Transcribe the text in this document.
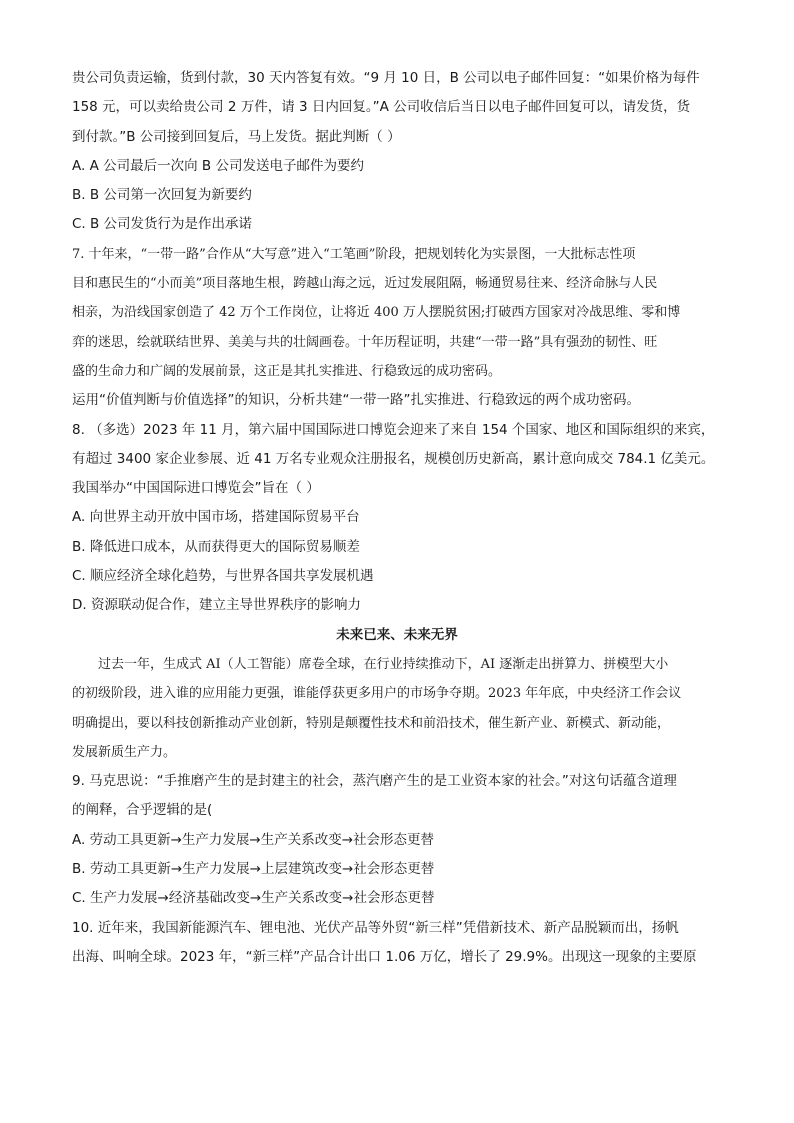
贵公司负责运输，货到付款，30 天内答复有效。“9 月 10 日，B 公司以电子邮件回复：“如果价格为每件

158 元，可以卖给贵公司 2 万件，请 3 日内回复。”A 公司收信后当日以电子邮件回复可以，请发货，货

到付款。”B 公司接到回复后，马上发货。据此判断（ ）

A. A 公司最后一次向 B 公司发送电子邮件为要约

B. B 公司第一次回复为新要约

C. B 公司发货行为是作出承诺

7. 十年来，“一带一路”合作从“大写意”进入“工笔画”阶段，把规划转化为实景图，一大批标志性项

目和惠民生的“小而美”项目落地生根，跨越山海之远，近过发展阻隔，畅通贸易往来、经济命脉与人民

相亲，为沿线国家创造了 42 万个工作岗位，让将近 400 万人摆脱贫困;打破西方国家对冷战思维、零和博

弈的迷思，绘就联结世界、美美与共的壮阔画卷。十年历程证明，共建“一带一路”具有强劲的韧性、旺

盛的生命力和广阔的发展前景，这正是其扎实推进、行稳致远的成功密码。

运用“价值判断与价值选择”的知识，分析共建“一带一路”扎实推进、行稳致远的两个成功密码。

8. （多选）2023 年 11 月，第六届中国国际进口博览会迎来了来自 154 个国家、地区和国际组织的来宾，

有超过 3400 家企业参展、近 41 万名专业观众注册报名，规模创历史新高，累计意向成交 784.1 亿美元。

我国举办“中国国际进口博览会”旨在（ ）

A. 向世界主动开放中国市场，搭建国际贸易平台

B. 降低进口成本，从而获得更大的国际贸易顺差

C. 顺应经济全球化趋势，与世界各国共享发展机遇

D. 资源联动促合作，建立主导世界秩序的影响力

未来已来、未来无界

过去一年，生成式 AI（人工智能）席卷全球，在行业持续推动下，AI 逐渐走出拼算力、拼模型大小

的初级阶段，进入谁的应用能力更强，谁能俘获更多用户的市场争夺期。2023 年年底，中央经济工作会议

明确提出，要以科技创新推动产业创新，特别是颠覆性技术和前沿技术，催生新产业、新模式、新动能，

发展新质生产力。

9. 马克思说：“手推磨产生的是封建主的社会，蒸汽磨产生的是工业资本家的社会。”对这句话蕴含道理

的阐释，合乎逻辑的是(

A. 劳动工具更新→生产力发展→生产关系改变→社会形态更替

B. 劳动工具更新→生产力发展→上层建筑改变→社会形态更替

C. 生产力发展→经济基础改变→生产关系改变→社会形态更替

10. 近年来，我国新能源汽车、锂电池、光伏产品等外贸“新三样”凭借新技术、新产品脱颖而出，扬帆

出海、叫响全球。2023 年，“新三样”产品合计出口 1.06 万亿，增长了 29.9%。出现这一现象的主要原
